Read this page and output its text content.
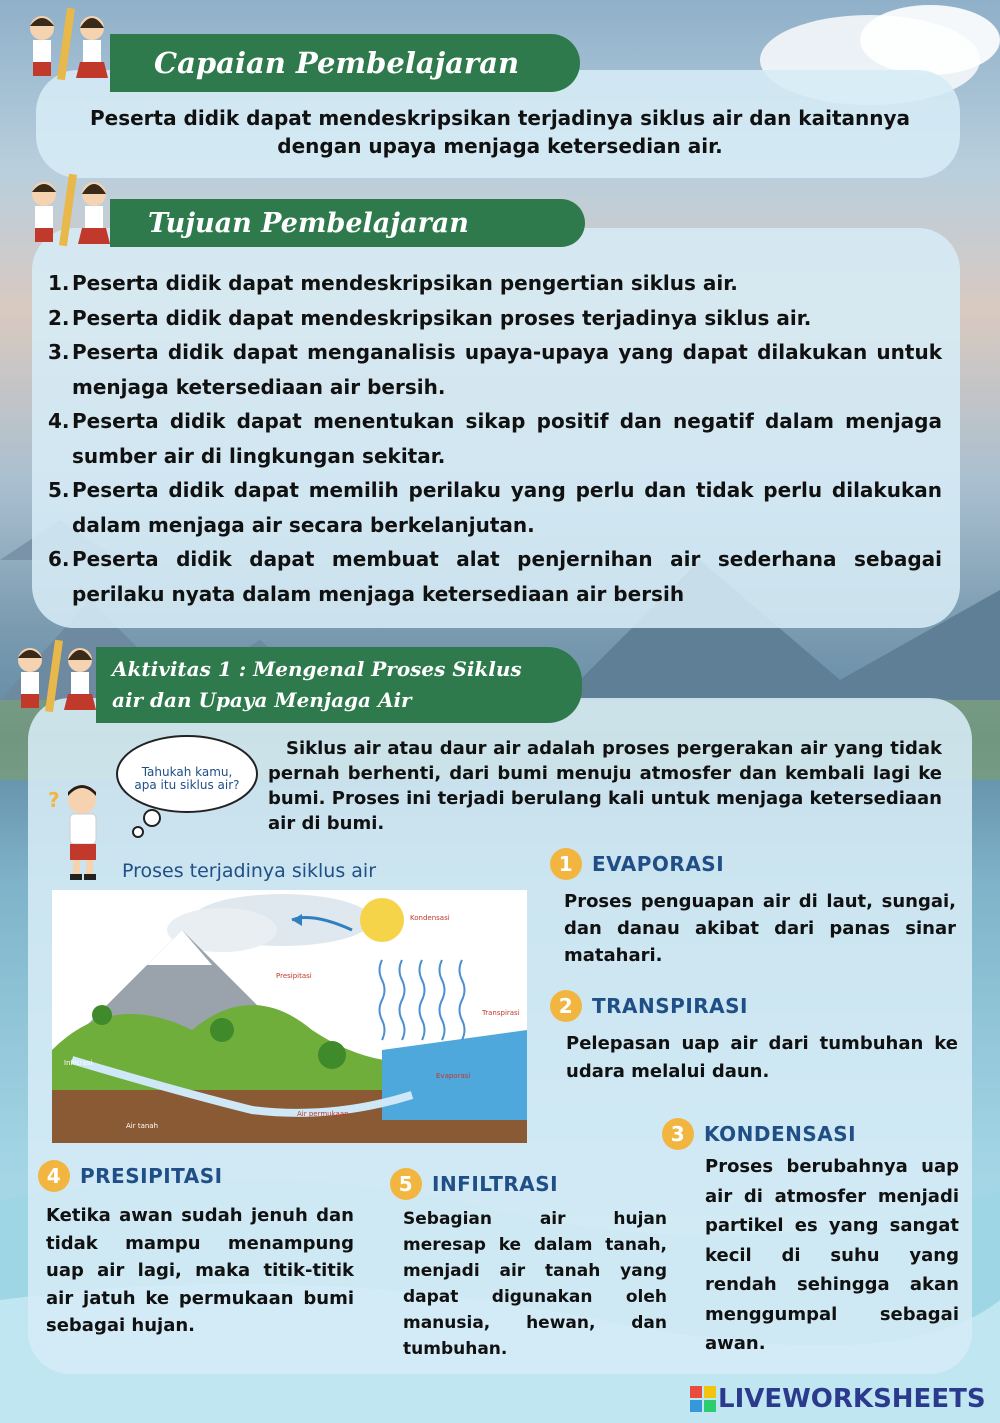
Capaian Pembelajaran
Peserta didik dapat mendeskripsikan terjadinya siklus air dan kaitannya dengan upaya menjaga ketersedian air.
Tujuan Pembelajaran
1. Peserta didik dapat mendeskripsikan pengertian siklus air.
2. Peserta didik dapat mendeskripsikan proses terjadinya siklus air.
3. Peserta didik dapat menganalisis upaya-upaya yang dapat dilakukan untuk menjaga ketersediaan air bersih.
4. Peserta didik dapat menentukan sikap positif dan negatif dalam menjaga sumber air di lingkungan sekitar.
5. Peserta didik dapat memilih perilaku yang perlu dan tidak perlu dilakukan dalam menjaga air secara berkelanjutan.
6. Peserta didik dapat membuat alat penjernihan air sederhana sebagai perilaku nyata dalam menjaga ketersediaan air bersih
Aktivitas 1 : Mengenal Proses Siklus
air dan Upaya Menjaga Air
?
Tahukah kamu, apa itu siklus air?
Siklus air atau daur air adalah proses pergerakan air yang tidak pernah berhenti, dari bumi menuju atmosfer dan kembali lagi ke bumi. Proses ini terjadi berulang kali untuk menjaga ketersediaan air di bumi.
Proses terjadinya siklus air
Kondensasi
Presipitasi
Transpirasi
Evaporasi
Infiltrasi
Air permukaan
Air tanah
1 EVAPORASI
Proses penguapan air di laut, sungai, dan danau akibat dari panas sinar matahari.
2 TRANSPIRASI
Pelepasan uap air dari tumbuhan ke udara melalui daun.
3 KONDENSASI
Proses berubahnya uap air di atmosfer menjadi partikel es yang sangat kecil di suhu yang rendah sehingga akan menggumpal sebagai awan.
4 PRESIPITASI
Ketika awan sudah jenuh dan tidak mampu menampung uap air lagi, maka titik-titik air jatuh ke permukaan bumi sebagai hujan.
5 INFILTRASI
Sebagian air hujan meresap ke dalam tanah, menjadi air tanah yang dapat digunakan oleh manusia, hewan, dan tumbuhan.
LIVEWORKSHEETS
